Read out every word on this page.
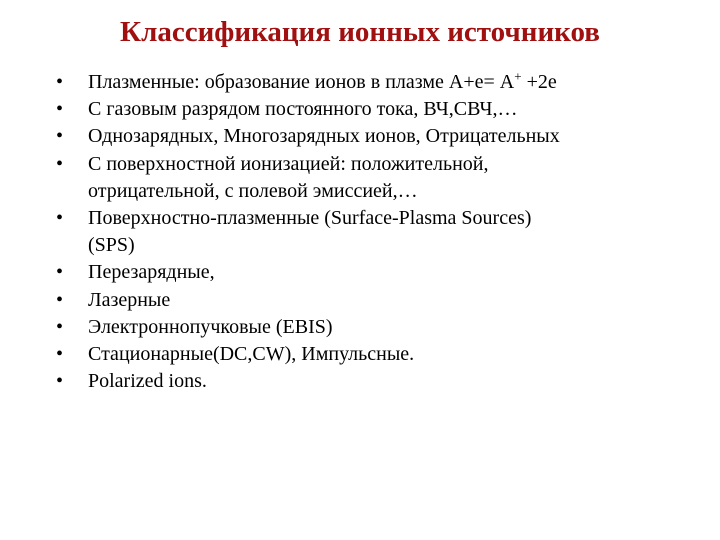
Классификация ионных источников
•	Плазменные: образование ионов в плазме А+е= А+ +2е
•	С газовым разрядом постоянного тока, ВЧ,СВЧ,…
•	Однозарядных, Многозарядных ионов, Отрицательных
•	С поверхностной ионизацией: положительной,
отрицательной, с полевой эмиссией,…
•	Поверхностно-плазменные (Surface-Plasma Sources)
(SPS)
•	Перезарядные,
•	Лазерные
•	Электроннопучковые (EBIS)
•	Стационарные(DC,CW), Импульсные.
•	Polarized ions.
